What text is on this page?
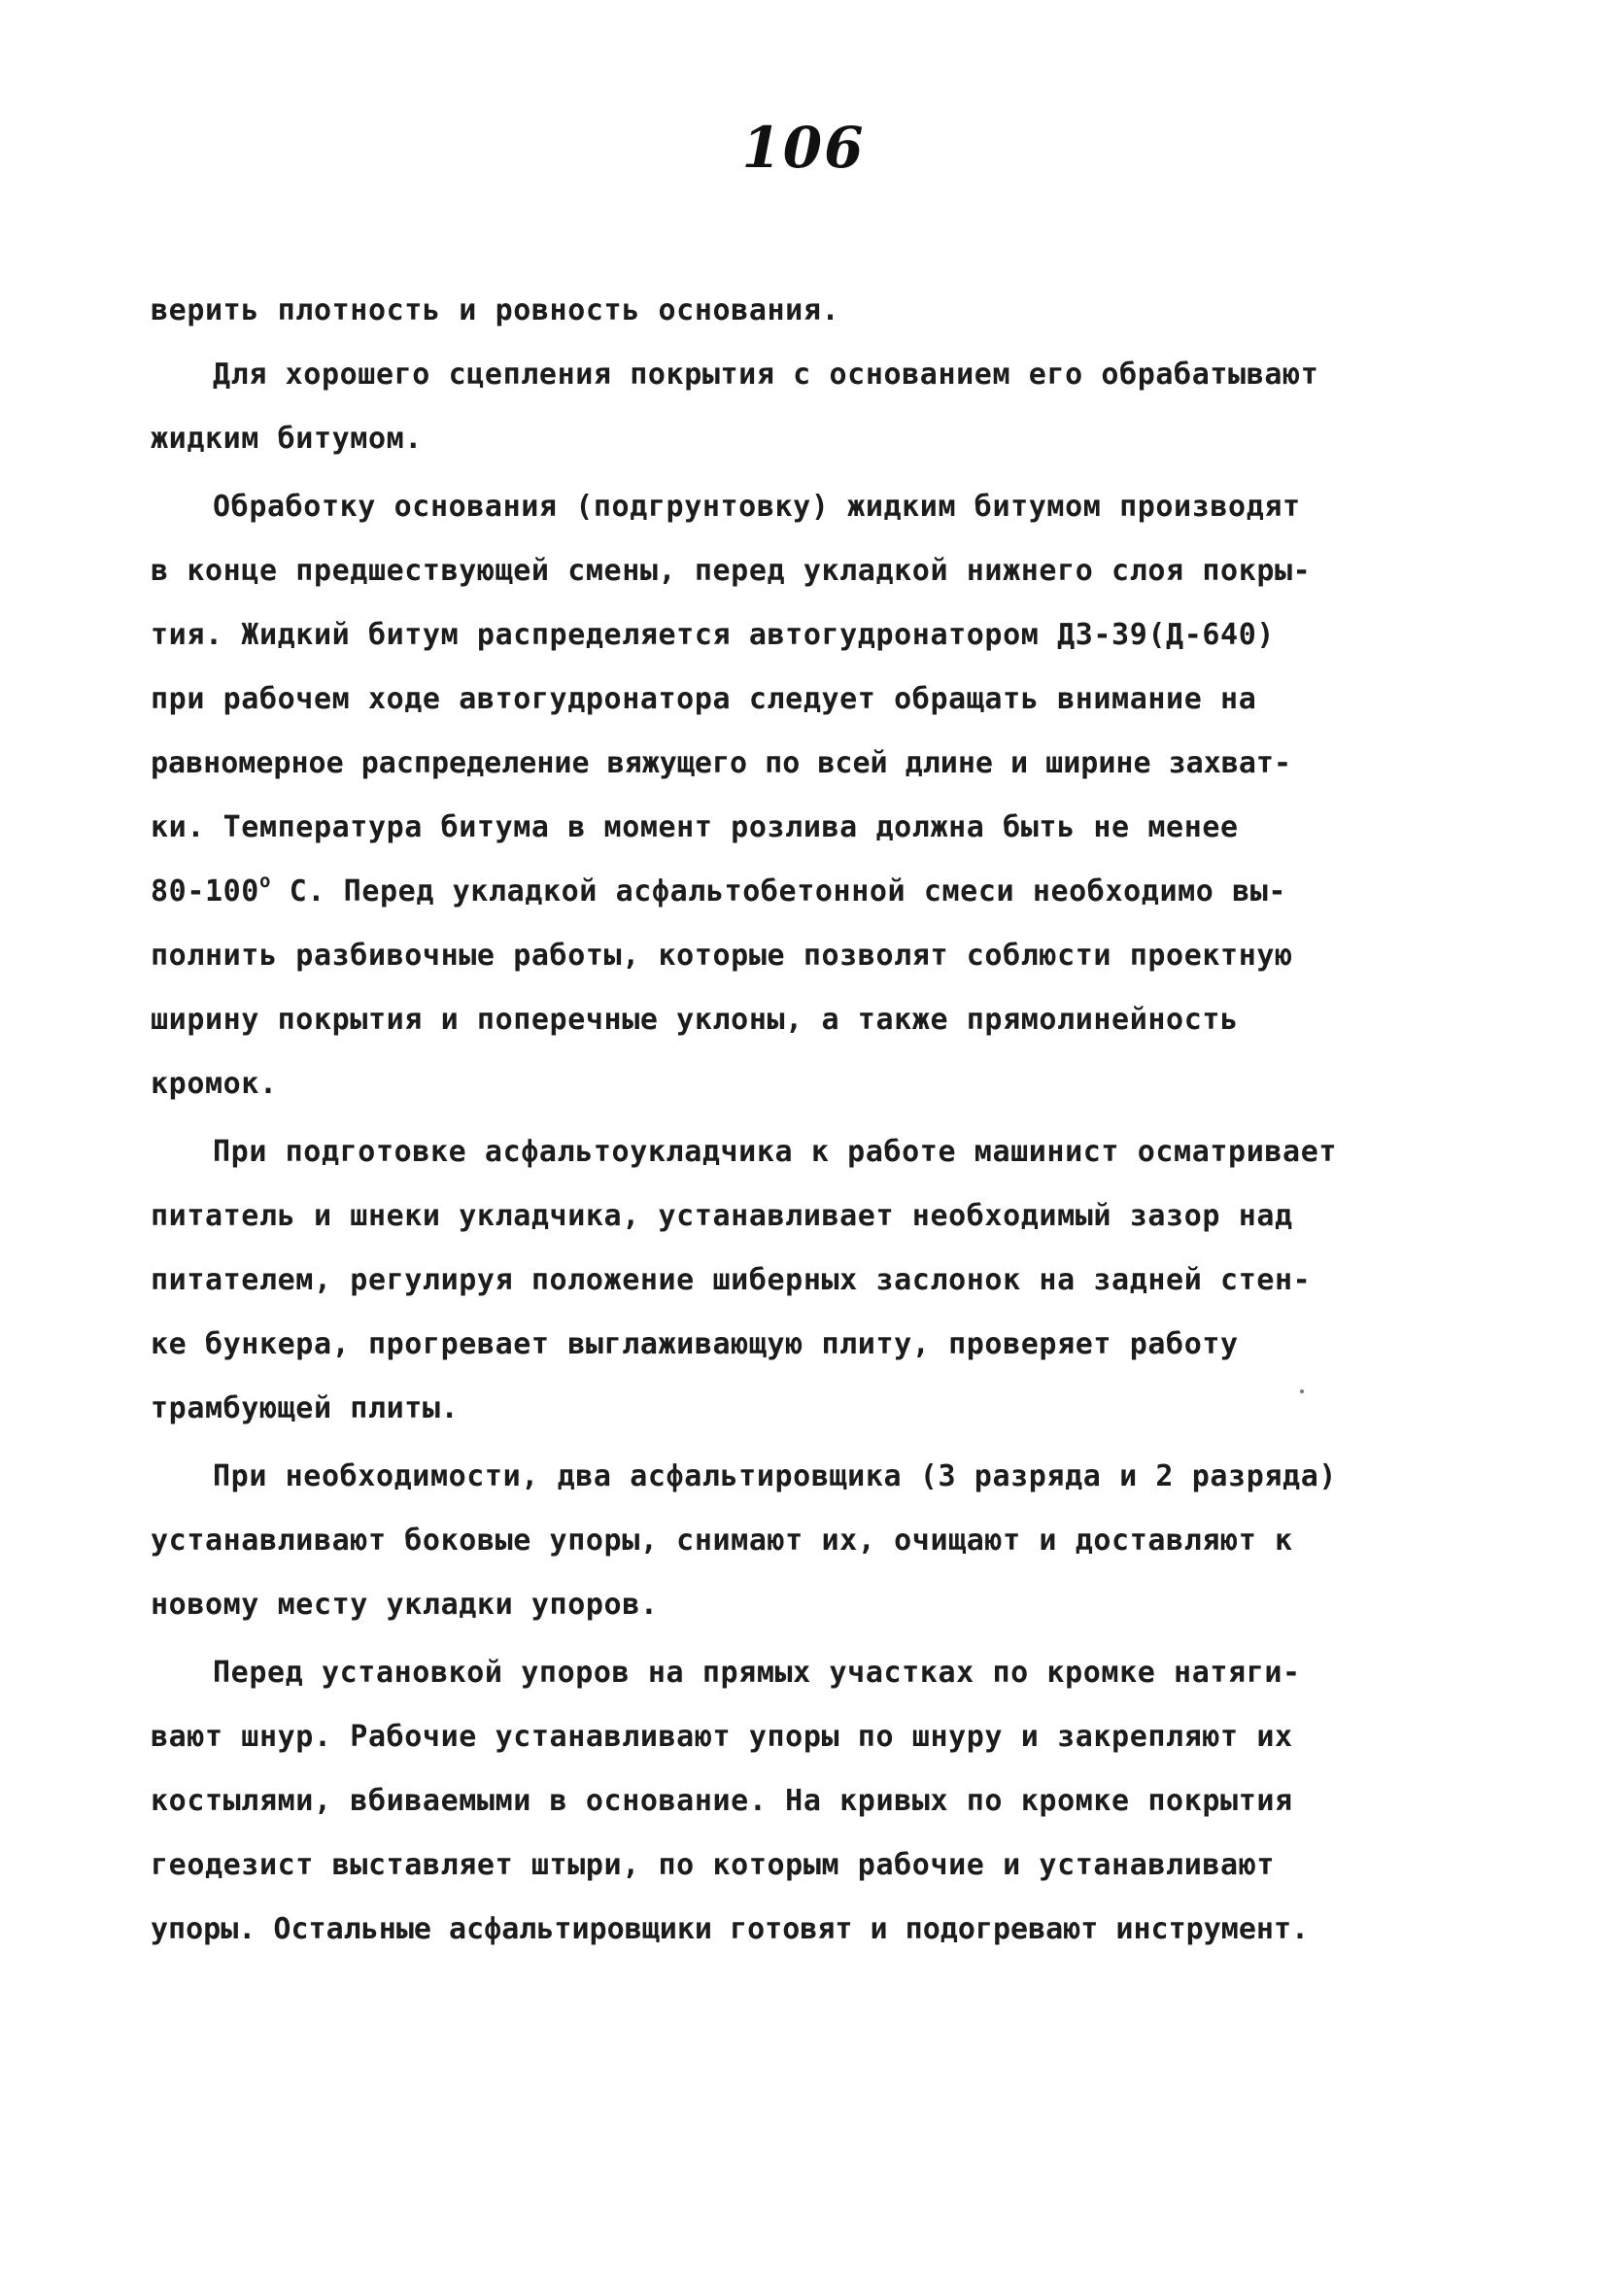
106
верить плотность и ровность основания.
Для хорошего сцепления покрытия с основанием его обрабатывают
жидким битумом.
Обработку основания (подгрунтовку) жидким битумом производят
в конце предшествующей смены, перед укладкой нижнего слоя покры-
тия. Жидкий битум распределяется автогудронатором ДЗ-39(Д-640)
при рабочем ходе автогудронатора следует обращать внимание на
равномерное распределение вяжущего по всей длине и ширине захват-
ки. Температура битума в момент розлива должна быть не менее
$80-100^о$ С. Перед укладкой асфальтобетонной смеси необходимо вы-
полнить разбивочные работы, которые позволят соблюсти проектную
ширину покрытия и поперечные уклоны, а также прямолинейность
кромок.
При подготовке асфальтоукладчика к работе машинист осматривает
питатель и шнеки укладчика, устанавливает необходимый зазор над
питателем, регулируя положение шиберных заслонок на задней стен-
ке бункера, прогревает выглаживающую плиту, проверяет работу
трамбующей плиты.
При необходимости, два асфальтировщика (3 разряда и 2 разряда)
устанавливают боковые упоры, снимают их, очищают и доставляют к
новому месту укладки упоров.
Перед установкой упоров на прямых участках по кромке натяги-
вают шнур. Рабочие устанавливают упоры по шнуру и закрепляют их
костылями, вбиваемыми в основание. На кривых по кромке покрытия
геодезист выставляет штыри, по которым рабочие и устанавливают
упоры. Остальные асфальтировщики готовят и подогревают инструмент.
